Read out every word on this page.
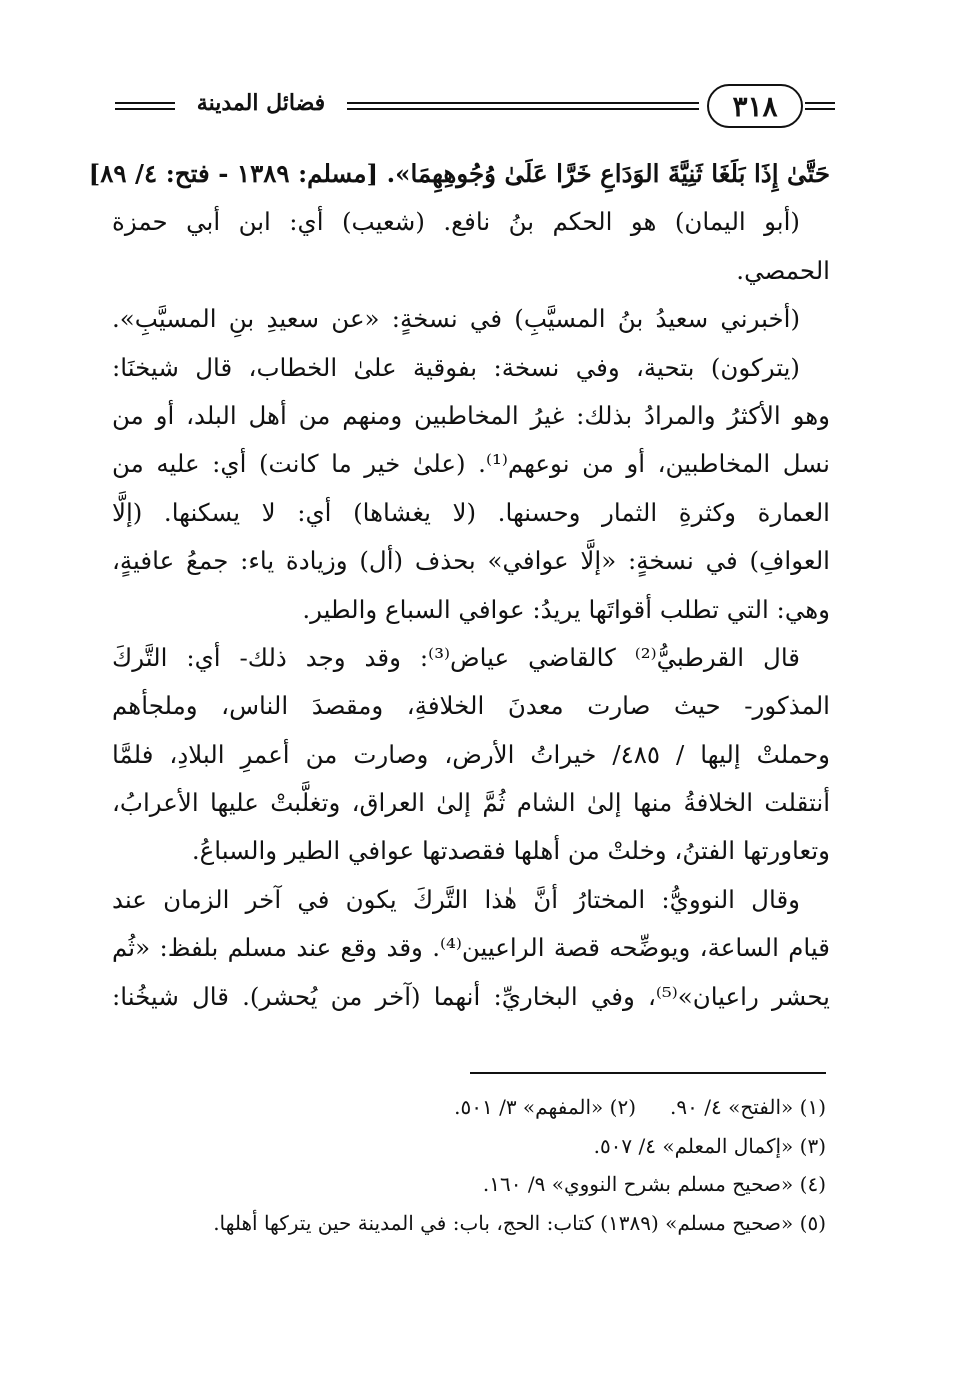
فضائل المدينة	٣١٨
حَتَّىٰ إِذَا بَلَغَا ثَنِيَّةَ الوَدَاعِ خَرَّا عَلَىٰ وُجُوهِهِمَا». [مسلم: ١٣٨٩ - فتح: ٤/ ٨٩]
(أبو اليمان) هو الحكم بنُ نافع. (شعيب) أي: ابن أبي حمزة
الحمصي.
(أخبرني سعيدُ بنُ المسيَّبِ) في نسخةٍ: «عن سعيدِ بنِ المسيَّبِ».
(يتركون) بتحية، وفي نسخة: بفوقية علىٰ الخطاب، قال شيخنَا:
وهو الأكثرُ والمرادُ بذلك: غيرُ المخاطبين ومنهم من أهل البلد، أو من
نسل المخاطبين، أو من نوعهم⁽¹⁾. (علىٰ خير ما كانت) أي: عليه من
العمارة وكثرةِ الثمار وحسنها. (لا يغشاها) أي: لا يسكنها. (إلَّا
العوافِ) في نسخةٍ: «إلَّا عوافي» بحذف (أل) وزيادة ياء: جمعُ عافيةٍ،
وهي: التي تطلب أقواتَها يريدُ: عوافي السباع والطير.
قال القرطبيُّ⁽²⁾ كالقاضي عياض⁽³⁾: وقد وجد ذلك- أي: التَّركَ
المذكور- حيث صارت معدنَ الخلافةِ، ومقصدَ الناس، وملجأهم
وحملتْ إليها / ٤٨٥/ خيراتُ الأرض، وصارت من أعمرِ البلادِ، فلمَّا
أنتقلت الخلافةُ منها إلىٰ الشام ثُمَّ إلىٰ العراق، وتغلَّبتْ عليها الأعرابُ،
وتعاورتها الفتنُ، وخلتْ من أهلها فقصدتها عوافي الطير والسباعُ.
وقال النوويُّ: المختارُ أنَّ هٰذا التَّركَ يكون في آخر الزمان عند
قيام الساعة، ويوضِّحه قصة الراعيين⁽⁴⁾. وقد وقع عند مسلم بلفظ: «ثُم
يحشر راعيان»⁽⁵⁾، وفي البخاريِّ: أنهما (آخر من يُحشر). قال شيخُنا:
(١) «الفتح» ٤/ ٩٠.
(٢) «المفهم» ٣/ ٥٠١.
(٣) «إكمال المعلم» ٤/ ٥٠٧.
(٤) «صحيح مسلم بشرح النووي» ٩/ ١٦٠.
(٥) «صحيح مسلم» (١٣٨٩) كتاب: الحج، باب: في المدينة حين يتركها أهلها.
